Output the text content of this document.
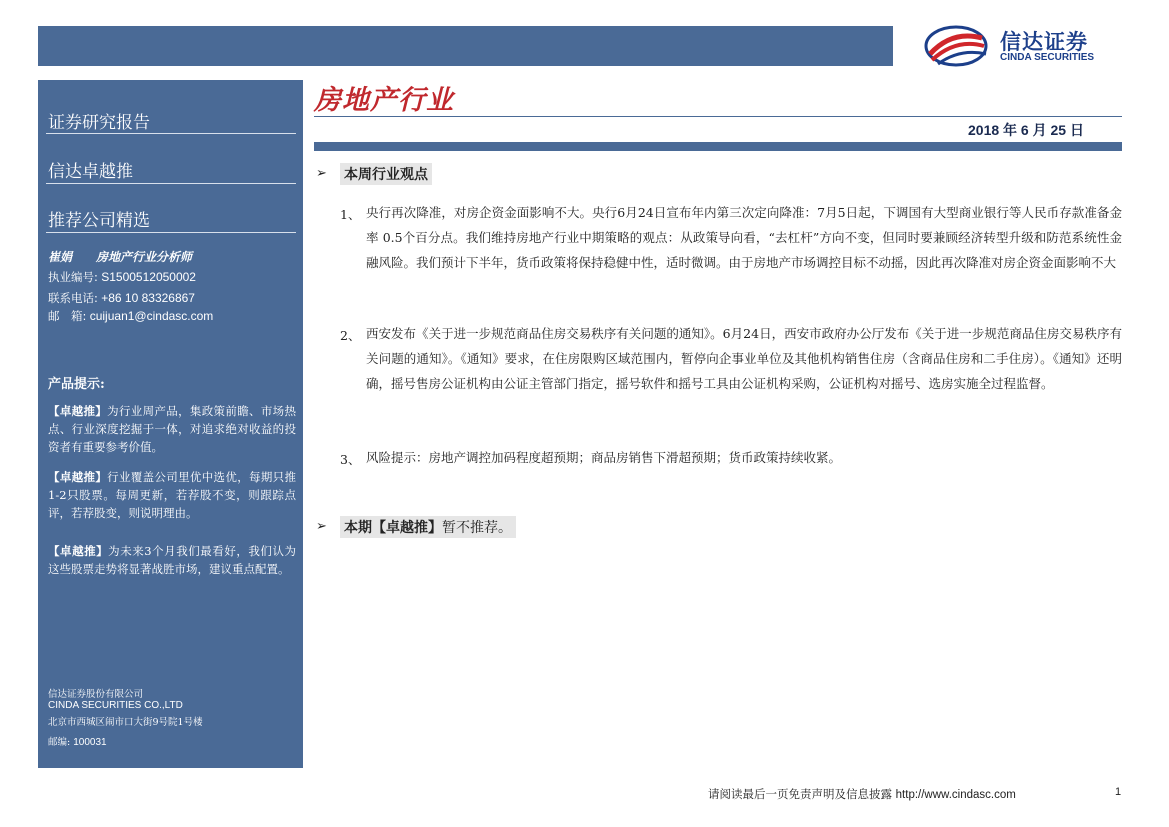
信达证券
CINDA SECURITIES
证券研究报告
信达卓越推
推荐公司精选
崔娟　　房地产行业分析师
执业编号: S1500512050002
联系电话: +86 10 83326867
邮　箱: cuijuan1@cindasc.com
产品提示:
【卓越推】为行业周产品，集政策前瞻、市场热点、行业深度挖掘于一体，对追求绝对收益的投资者有重要参考价值。
【卓越推】行业覆盖公司里优中选优，每期只推1-2只股票。每周更新，若荐股不变，则跟踪点评，若荐股变，则说明理由。
【卓越推】为未来3个月我们最看好，我们认为这些股票走势将显著战胜市场，建议重点配置。
信达证券股份有限公司
CINDA SECURITIES CO.,LTD
北京市西城区闹市口大街9号院1号楼
邮编: 100031
房地产行业
2018 年 6 月 25 日
➢ 本周行业观点
1、 央行再次降准，对房企资金面影响不大。央行6月24日宣布年内第三次定向降准：7月5日起，下调国有大型商业银行等人民币存款准备金率 0.5个百分点。我们维持房地产行业中期策略的观点：从政策导向看，“去杠杆”方向不变，但同时要兼顾经济转型升级和防范系统性金融风险。我们预计下半年，货币政策将保持稳健中性，适时微调。由于房地产市场调控目标不动摇，因此再次降准对房企资金面影响不大
2、 西安发布《关于进一步规范商品住房交易秩序有关问题的通知》。6月24日，西安市政府办公厅发布《关于进一步规范商品住房交易秩序有关问题的通知》。《通知》要求，在住房限购区域范围内，暂停向企事业单位及其他机构销售住房（含商品住房和二手住房）。《通知》还明确，摇号售房公证机构由公证主管部门指定，摇号软件和摇号工具由公证机构采购，公证机构对摇号、选房实施全过程监督。
3、 风险提示：房地产调控加码程度超预期；商品房销售下滑超预期；货币政策持续收紧。
➢ 本期【卓越推】暂不推荐。
请阅读最后一页免责声明及信息披露 http://www.cindasc.com	1
